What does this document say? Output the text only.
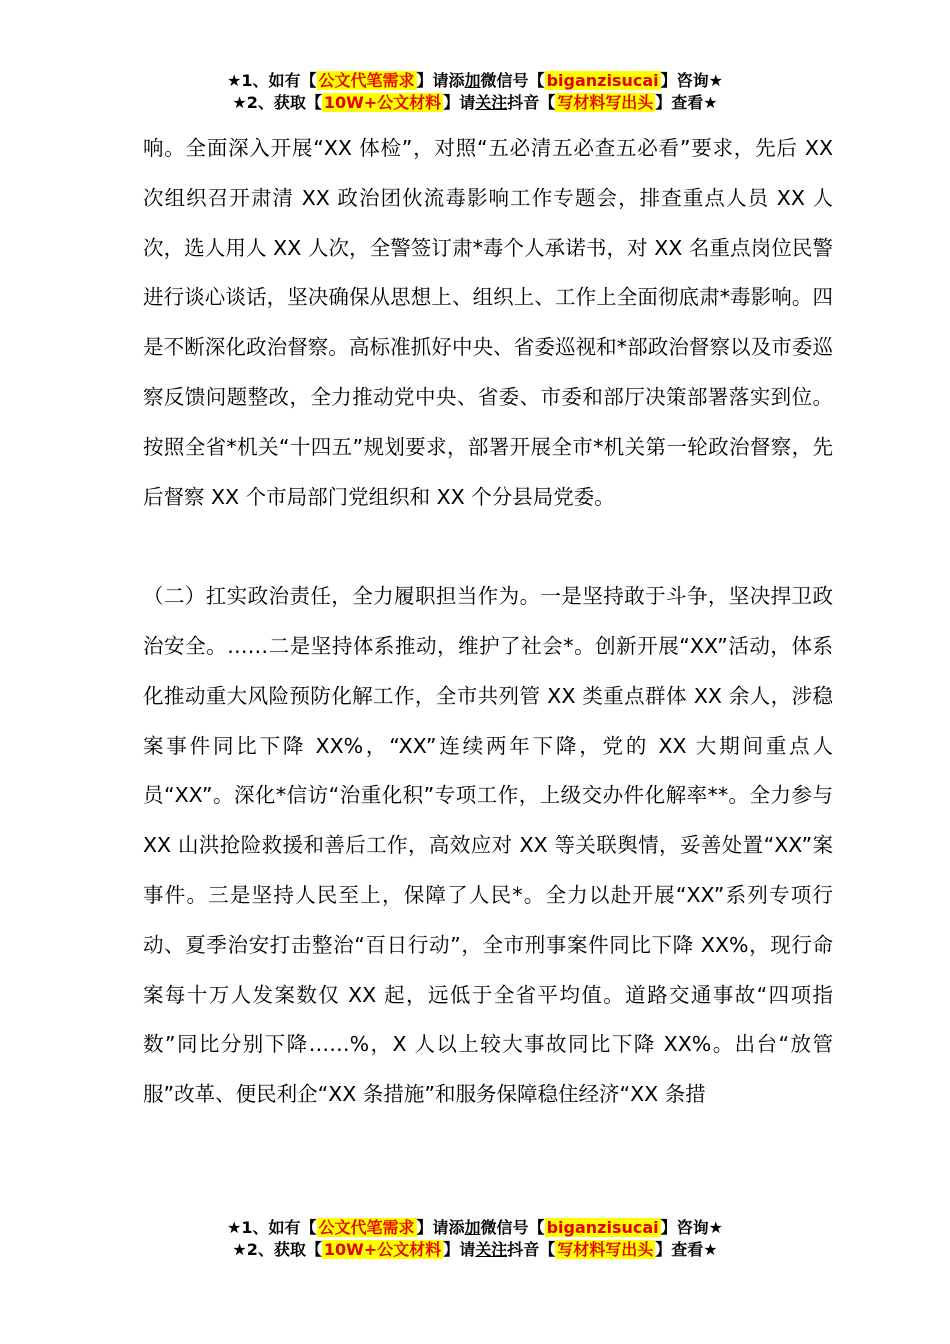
★1、如有【 公文代笔需求 】请添加微信号【 biganzisucai 】咨询★
★2、获取【 10W+公文材料 】请关注抖音【 写材料写出头 】查看★

响。全面深入开展“XX 体检”，对照“五必清五必查五必看”要求，先后 XX 次组织召开肃清 XX 政治团伙流毒影响工作专题会，排查重点人员 XX 人次，选人用人 XX 人次，全警签订肃*毒个人承诺书，对 XX 名重点岗位民警进行谈心谈话，坚决确保从思想上、组织上、工作上全面彻底肃*毒影响。四是不断深化政治督察。高标准抓好中央、省委巡视和*部政治督察以及市委巡察反馈问题整改，全力推动党中央、省委、市委和部厅决策部署落实到位。按照全省*机关“十四五”规划要求，部署开展全市*机关第一轮政治督察，先后督察 XX 个市局部门党组织和 XX 个分县局党委。

（二）扛实政治责任，全力履职担当作为。一是坚持敢于斗争，坚决捍卫政治安全。……二是坚持体系推动，维护了社会*。创新开展“XX”活动，体系化推动重大风险预防化解工作，全市共列管 XX 类重点群体 XX 余人，涉稳案事件同比下降 XX%，“XX”连续两年下降，党的 XX 大期间重点人员“XX”。深化*信访“治重化积”专项工作，上级交办件化解率**。全力参与 XX 山洪抢险救援和善后工作，高效应对 XX 等关联舆情，妥善处置“XX”案事件。三是坚持人民至上，保障了人民*。全力以赴开展“XX”系列专项行动、夏季治安打击整治“百日行动”，全市刑事案件同比下降 XX%，现行命案每十万人发案数仅 XX 起，远低于全省平均值。道路交通事故“四项指数”同比分别下降……%，X 人以上较大事故同比下降 XX%。出台“放管服”改革、便民利企“XX 条措施”和服务保障稳住经济“XX 条措

★1、如有【 公文代笔需求 】请添加微信号【 biganzisucai 】咨询★
★2、获取【 10W+公文材料 】请关注抖音【 写材料写出头 】查看★
